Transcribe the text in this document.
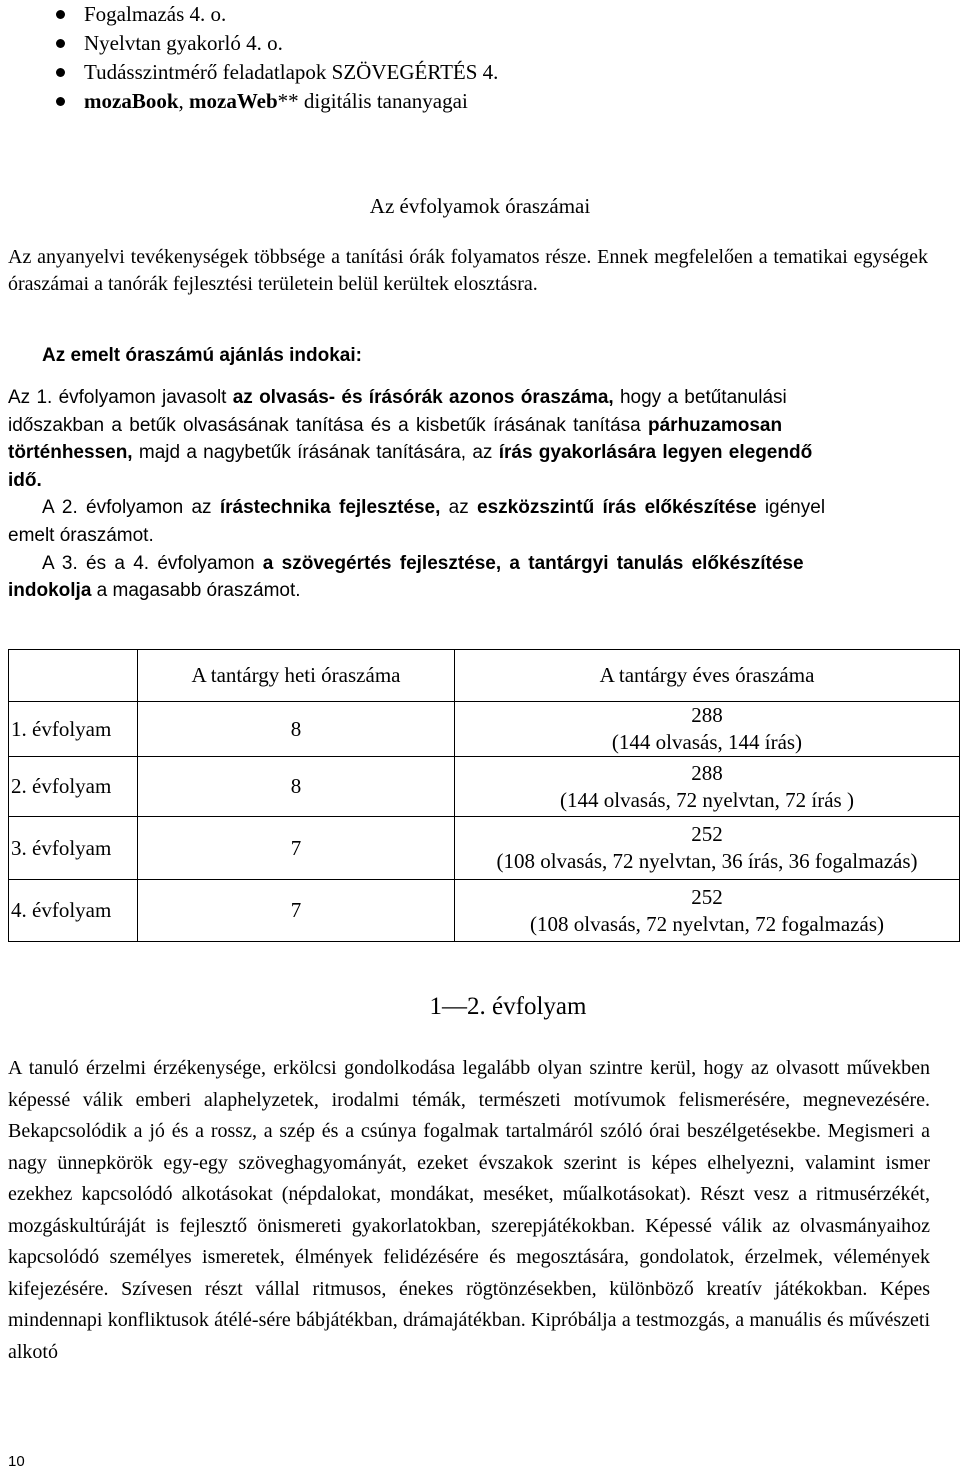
Fogalmazás 4. o.
Nyelvtan gyakorló 4. o.
Tudásszintmérő feladatlapok SZÖVEGÉRTÉS 4.
mozaBook, mozaWeb** digitális tananyagai
Az évfolyamok óraszámai
Az anyanyelvi tevékenységek többsége a tanítási órák folyamatos része. Ennek megfelelően a tematikai egységek óraszámai a tanórák fejlesztési területein belül kerültek elosztásra.
Az emelt óraszámú ajánlás indokai:
Az 1. évfolyamon javasolt az olvasás- és írásórák azonos óraszáma, hogy a betűtanulási
időszakban a betűk olvasásának tanítása és a kisbetűk írásának tanítása párhuzamosan
történhessen, majd a nagybetűk írásának tanítására, az írás gyakorlására legyen elegendő
idő.
A 2. évfolyamon az írástechnika fejlesztése, az eszközszintű írás előkészítése igényel
emelt óraszámot.
A 3. és a 4. évfolyamon a szövegértés fejlesztése, a tantárgyi tanulás előkészítése
indokolja a magasabb óraszámot.
	A tantárgy heti óraszáma	A tantárgy éves óraszáma
1. évfolyam	8	288
(144 olvasás, 144 írás)

2. évfolyam	8	288
(144 olvasás, 72 nyelvtan, 72 írás )

3. évfolyam	7	252
(108 olvasás, 72 nyelvtan, 36 írás, 36 fogalmazás)

4. évfolyam	7	252
(108 olvasás, 72 nyelvtan, 72 fogalmazás)
1—2. évfolyam
A tanuló érzelmi érzékenysége, erkölcsi gondolkodása legalább olyan szintre kerül, hogy az olvasott művekben képessé válik emberi alaphelyzetek, irodalmi témák, természeti motívumok felismerésére, megnevezésére. Bekapcsolódik a jó és a rossz, a szép és a csúnya fogalmak tartalmáról szóló órai beszélgetésekbe. Megismeri a nagy ünnepkörök egy-egy szöveghagyományát, ezeket évszakok szerint is képes elhelyezni, valamint ismer ezekhez kapcsolódó alkotásokat (népdalokat, mondákat, meséket, műalkotásokat). Részt vesz a ritmusérzékét, mozgáskultúráját is fejlesztő önismereti gyakorlatokban, szerepjátékokban. Képessé válik az olvasmányaihoz kapcsolódó személyes ismeretek, élmények felidézésére és megosztására, gondolatok, érzelmek, vélemények kifejezésére. Szívesen részt vállal ritmusos, énekes rögtönzésekben, különböző kreatív játékokban. Képes mindennapi konfliktusok átélé-sére bábjátékban, drámajátékban. Kipróbálja a testmozgás, a manuális és művészeti alkotó
10
